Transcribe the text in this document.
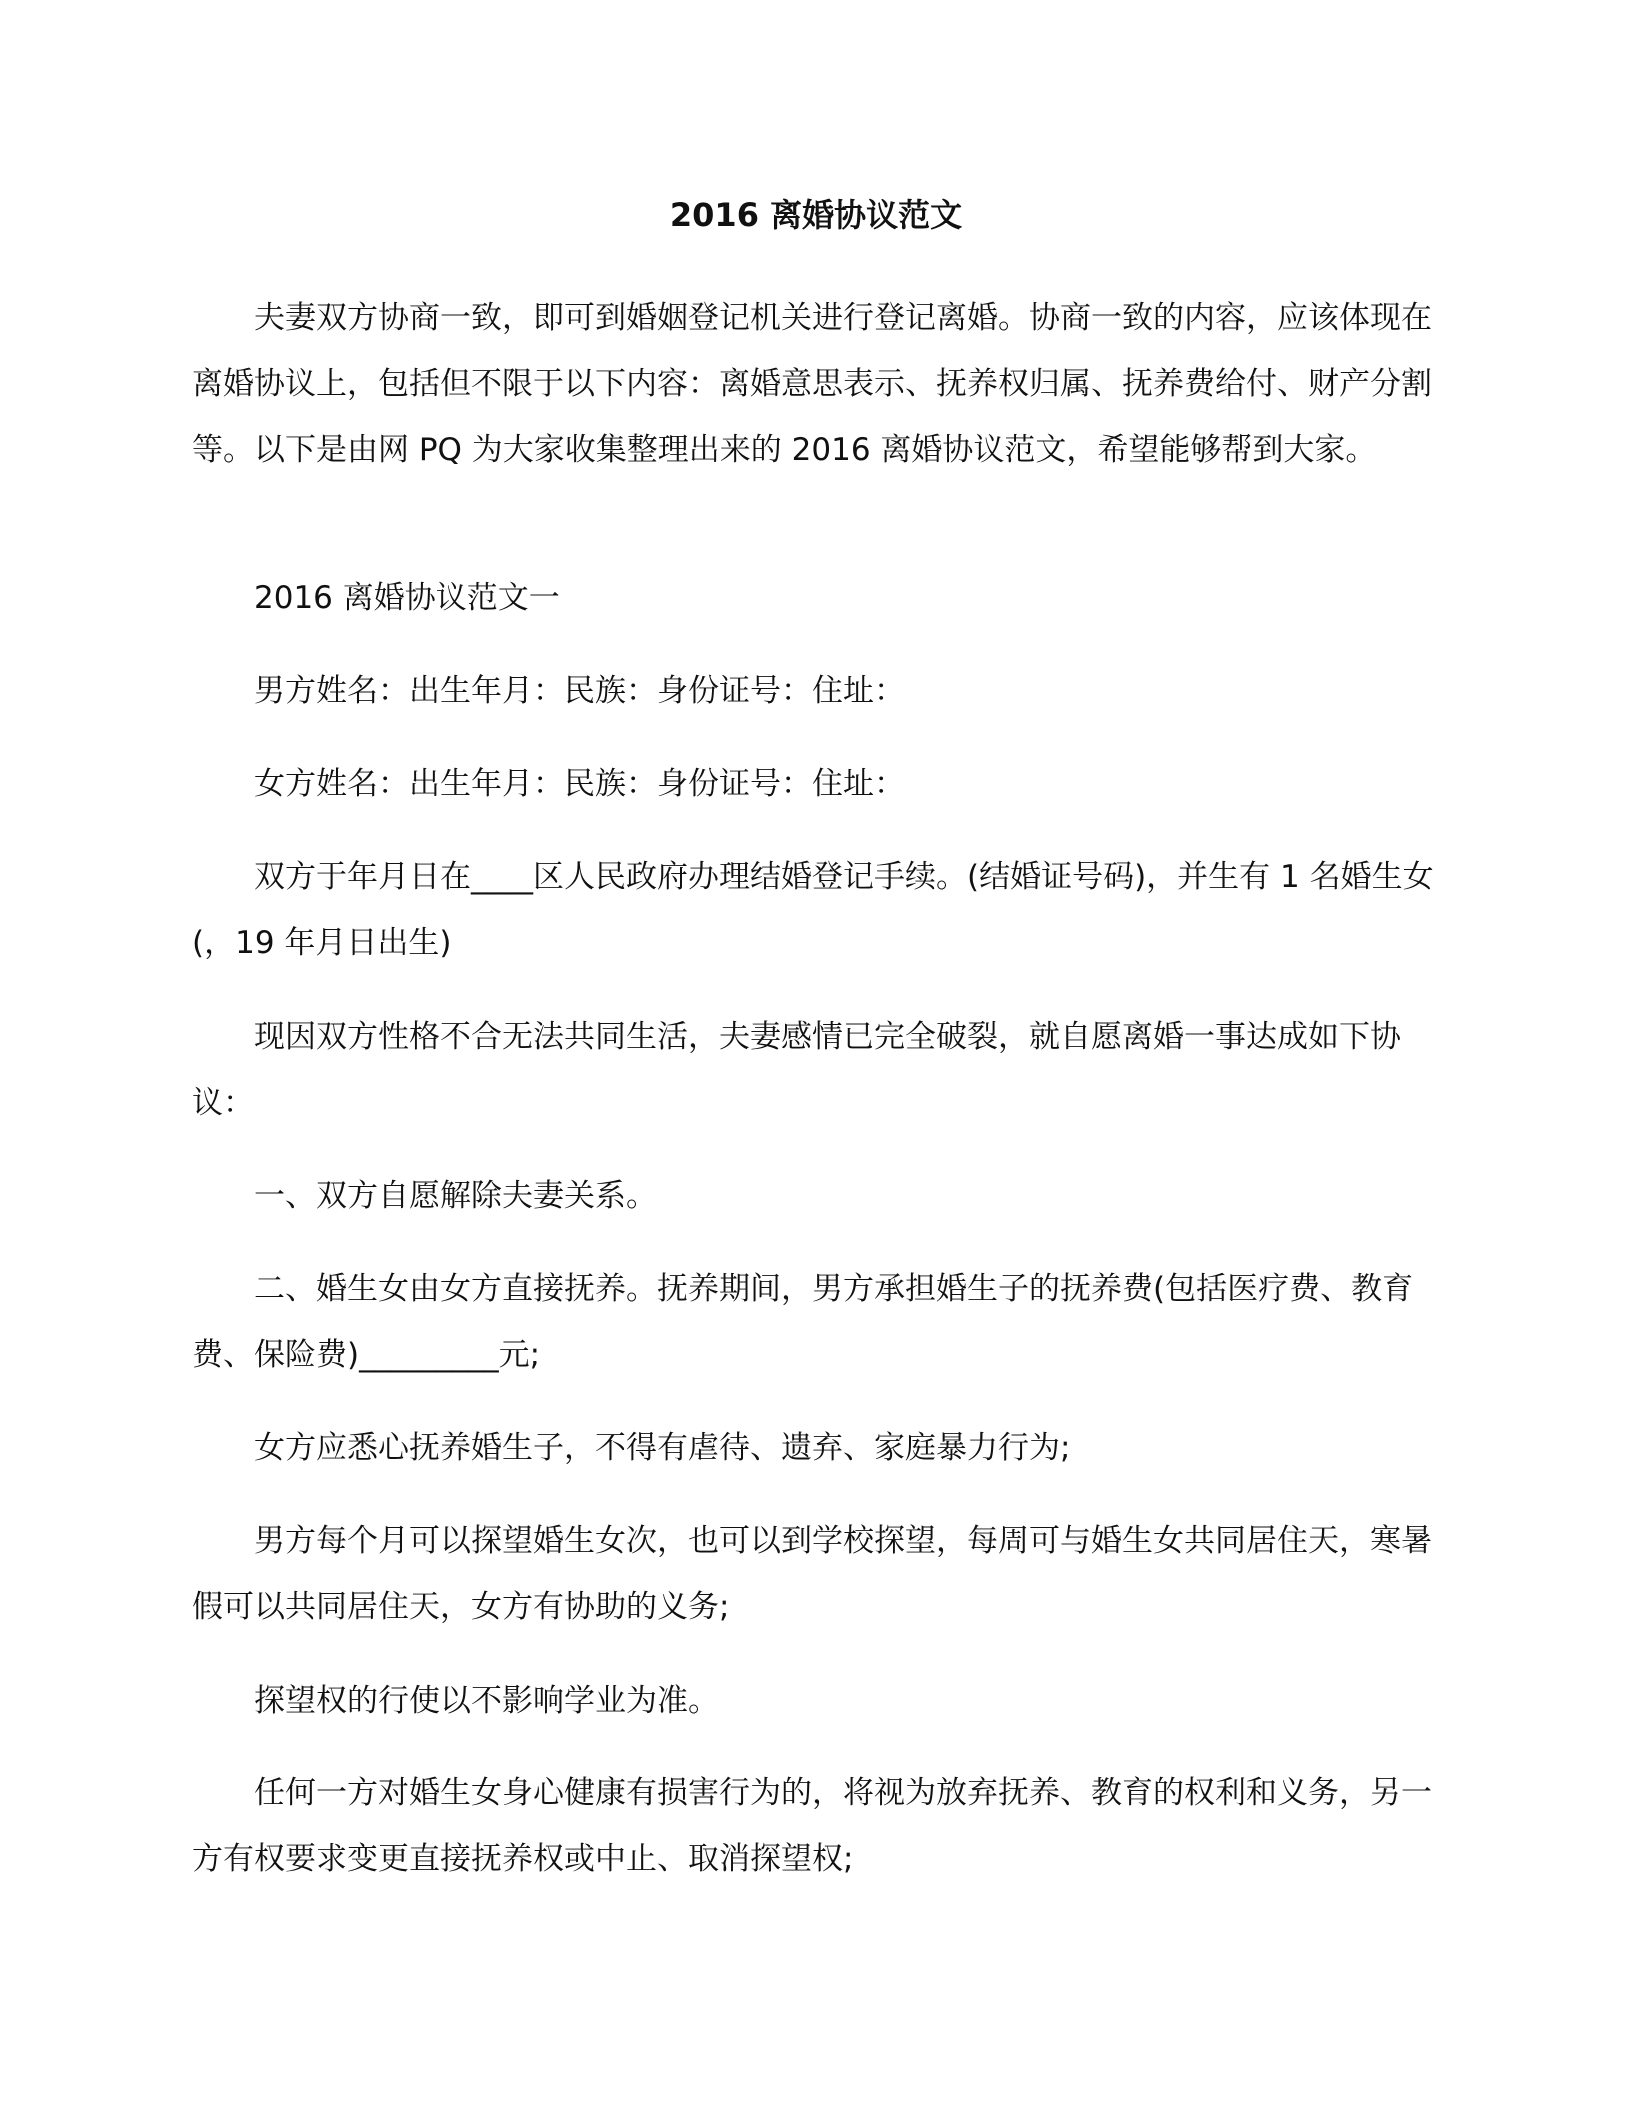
2016 离婚协议范文

夫妻双方协商一致，即可到婚姻登记机关进行登记离婚。协商一致的内容，应该体现在离婚协议上，包括但不限于以下内容：离婚意思表示、抚养权归属、抚养费给付、财产分割等。以下是由网 PQ 为大家收集整理出来的 2016 离婚协议范文，希望能够帮到大家。

2016 离婚协议范文一

男方姓名：出生年月：民族：身份证号：住址：

女方姓名：出生年月：民族：身份证号：住址：

双方于年月日在____区人民政府办理结婚登记手续。(结婚证号码)，并生有 1 名婚生女(，19 年月日出生)

现因双方性格不合无法共同生活，夫妻感情已完全破裂，就自愿离婚一事达成如下协议：

一、双方自愿解除夫妻关系。

二、婚生女由女方直接抚养。抚养期间，男方承担婚生子的抚养费(包括医疗费、教育费、保险费)_________元;

女方应悉心抚养婚生子，不得有虐待、遗弃、家庭暴力行为;

男方每个月可以探望婚生女次，也可以到学校探望，每周可与婚生女共同居住天，寒暑假可以共同居住天，女方有协助的义务;

探望权的行使以不影响学业为准。

任何一方对婚生女身心健康有损害行为的，将视为放弃抚养、教育的权利和义务，另一方有权要求变更直接抚养权或中止、取消探望权;
